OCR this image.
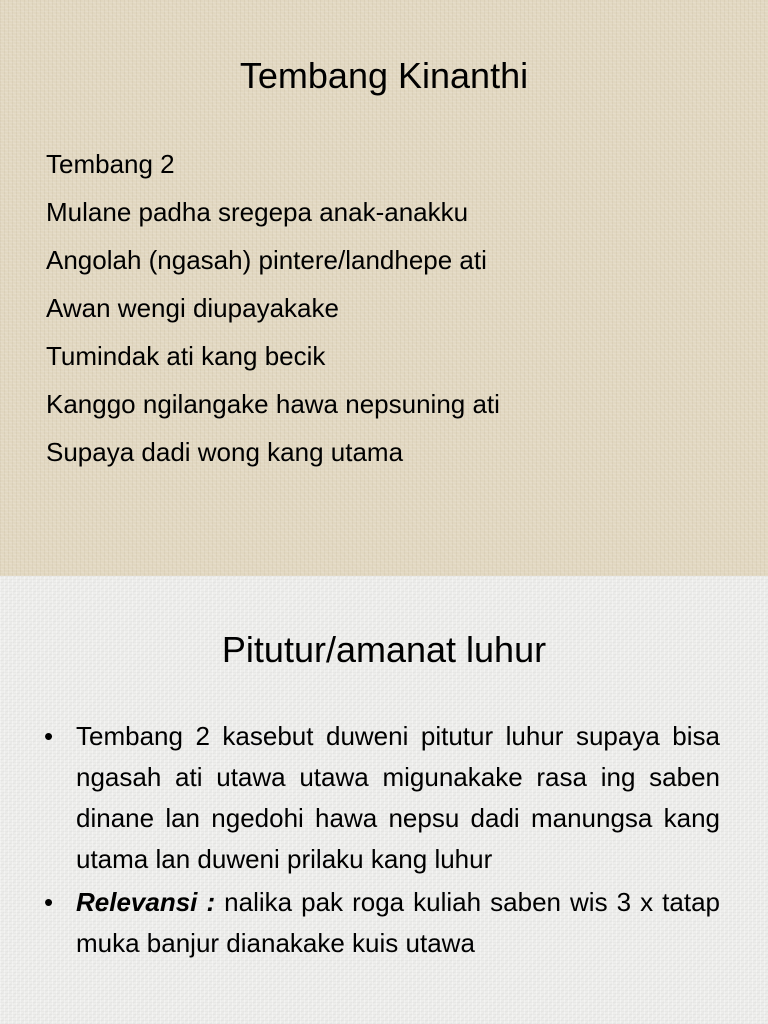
Tembang Kinanthi
Tembang 2
Mulane padha sregepa anak-anakku
Angolah (ngasah) pintere/landhepe ati
Awan wengi diupayakake
Tumindak ati kang becik
Kanggo ngilangake hawa nepsuning ati
Supaya dadi wong kang utama
Pitutur/amanat luhur
• Tembang 2 kasebut duweni pitutur luhur supaya bisa ngasah ati utawa utawa migunakake rasa ing saben dinane lan ngedohi hawa nepsu dadi manungsa kang utama lan duweni prilaku kang luhur
• Relevansi : nalika pak roga kuliah saben wis 3 x tatap muka banjur dianakake kuis utawa
